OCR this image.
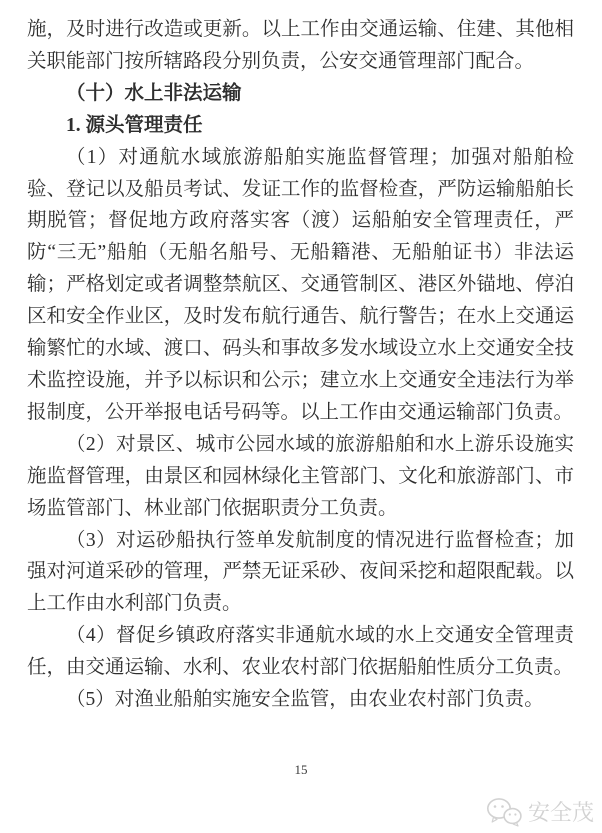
施，及时进行改造或更新。以上工作由交通运输、住建、其他相关职能部门按所辖路段分别负责，公安交通管理部门配合。

（十）水上非法运输

1. 源头管理责任

（1）对通航水域旅游船舶实施监督管理；加强对船舶检验、登记以及船员考试、发证工作的监督检查，严防运输船舶长期脱管；督促地方政府落实客（渡）运船舶安全管理责任，严防“三无”船舶（无船名船号、无船籍港、无船舶证书）非法运输；严格划定或者调整禁航区、交通管制区、港区外锚地、停泊区和安全作业区，及时发布航行通告、航行警告；在水上交通运输繁忙的水域、渡口、码头和事故多发水域设立水上交通安全技术监控设施，并予以标识和公示；建立水上交通安全违法行为举报制度，公开举报电话号码等。以上工作由交通运输部门负责。

（2）对景区、城市公园水域的旅游船舶和水上游乐设施实施监督管理，由景区和园林绿化主管部门、文化和旅游部门、市场监管部门、林业部门依据职责分工负责。

（3）对运砂船执行签单发航制度的情况进行监督检查；加强对河道采砂的管理，严禁无证采砂、夜间采挖和超限配载。以上工作由水利部门负责。

（4）督促乡镇政府落实非通航水域的水上交通安全管理责任，由交通运输、水利、农业农村部门依据船舶性质分工负责。

（5）对渔业船舶实施安全监管，由农业农村部门负责。

15
安全茂
